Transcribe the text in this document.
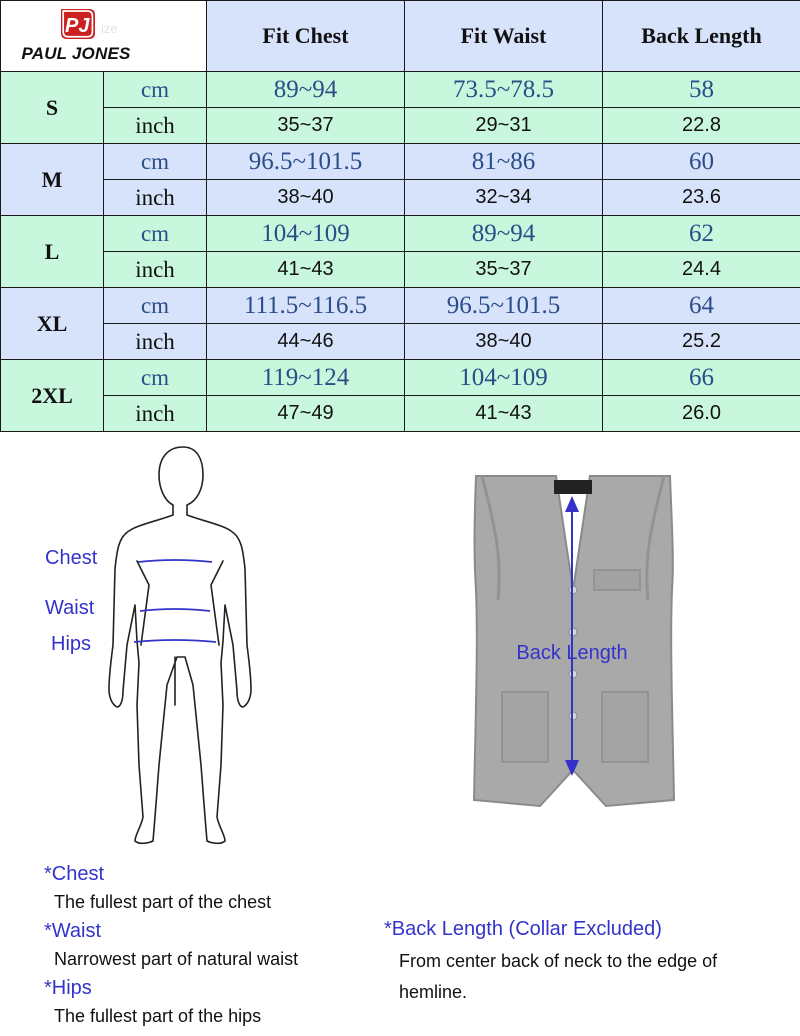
ize
PJ
PAUL JONES		Fit Chest	Fit Waist	Back Length
S	cm	89~94	73.5~78.5	58
	inch	35~37	29~31	22.8
M	cm	96.5~101.5	81~86	60
	inch	38~40	32~34	23.6
L	cm	104~109	89~94	62
	inch	41~43	35~37	24.4
XL	cm	111.5~116.5	96.5~101.5	64
	inch	44~46	38~40	25.2
2XL	cm	119~124	104~109	66
	inch	47~49	41~43	26.0
Chest
Waist
Hips	Back Length
*Chest
The fullest part of the chest
*Waist
Narrowest part of natural waist
*Hips
The fullest part of the hips
*Back Length (Collar Excluded)
From center back of neck to the edge of
hemline.
